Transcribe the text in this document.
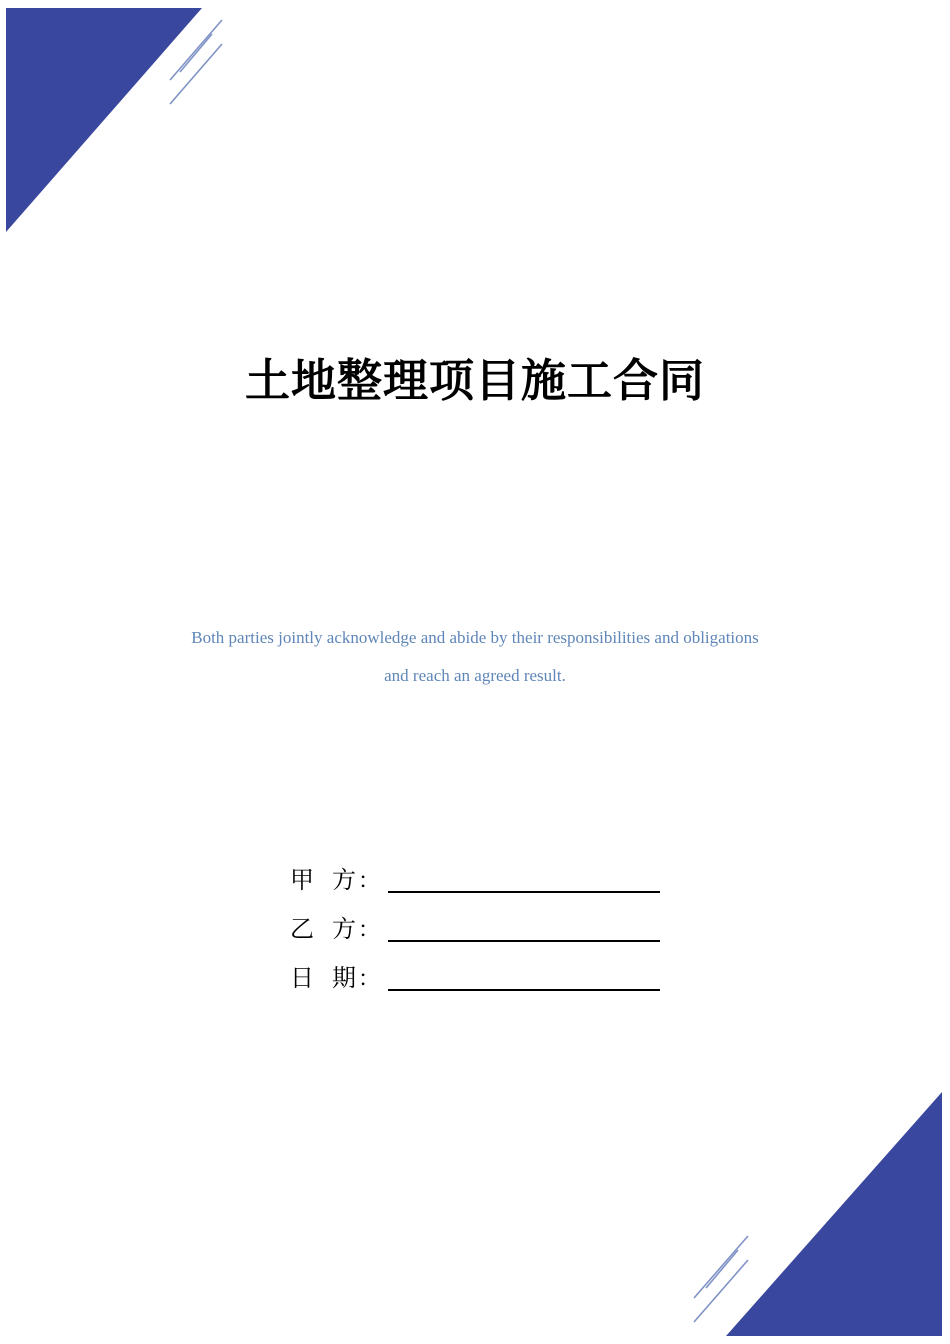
土地整理项目施工合同

Both parties jointly acknowledge and abide by their responsibilities and obligations

and reach an agreed result.

甲 方 ：
乙 方 ：
日 期 ：
